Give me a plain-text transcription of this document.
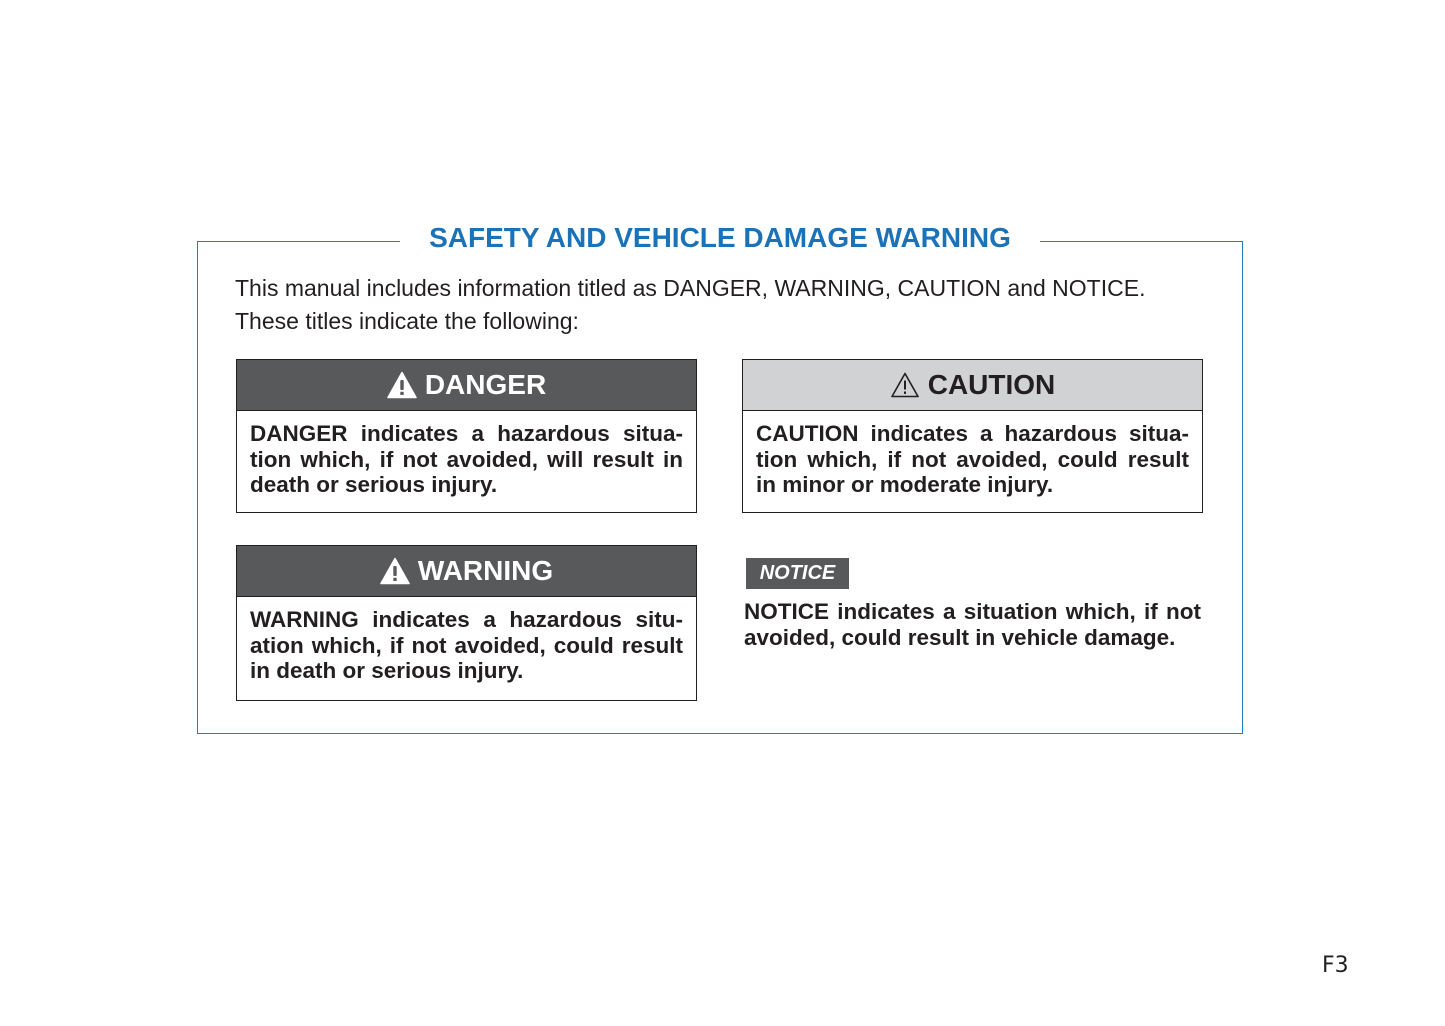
SAFETY AND VEHICLE DAMAGE WARNING

This manual includes information titled as DANGER, WARNING, CAUTION and NOTICE.

These titles indicate the following:

DANGER

DANGER indicates a hazardous situation which, if not avoided, will result in death or serious injury.

CAUTION

CAUTION indicates a hazardous situation which, if not avoided, could result in minor or moderate injury.

WARNING

WARNING indicates a hazardous situation which, if not avoided, could result in death or serious injury.

NOTICE

NOTICE indicates a situation which, if not avoided, could result in vehicle damage.

F3
